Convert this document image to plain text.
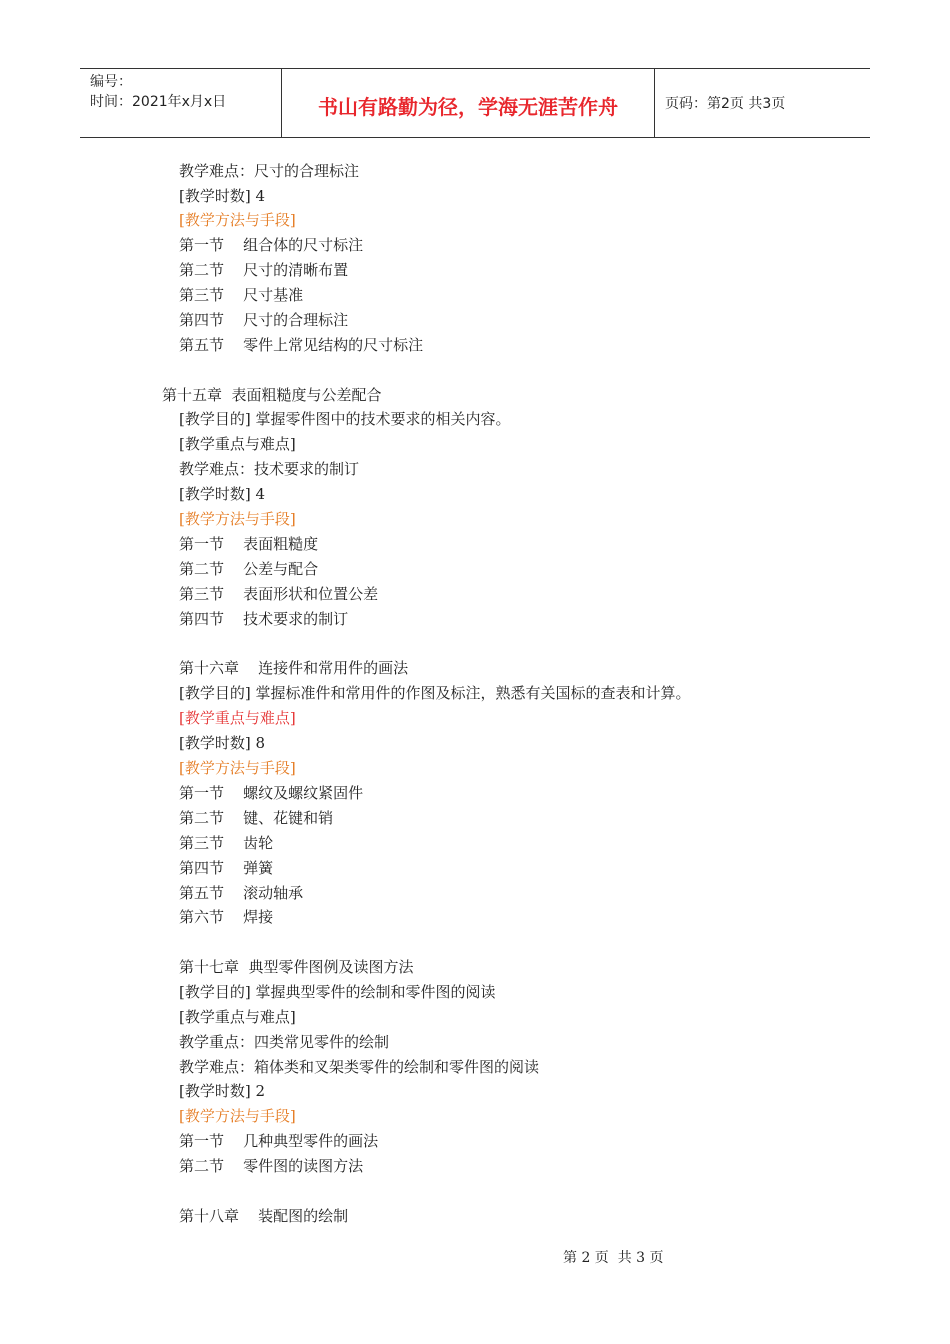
编号：
时间：2021年x月x日	书山有路勤为径，学海无涯苦作舟	页码：第2页 共3页
教学难点：尺寸的合理标注
[教学时数] 4
[教学方法与手段]
第一节    组合体的尺寸标注
第二节    尺寸的清晰布置
第三节    尺寸基准
第四节    尺寸的合理标注
第五节    零件上常见结构的尺寸标注
第十五章  表面粗糙度与公差配合
[教学目的] 掌握零件图中的技术要求的相关内容。
[教学重点与难点]
教学难点：技术要求的制订
[教学时数] 4
[教学方法与手段]
第一节    表面粗糙度
第二节    公差与配合
第三节    表面形状和位置公差
第四节    技术要求的制订
第十六章    连接件和常用件的画法
[教学目的] 掌握标准件和常用件的作图及标注，熟悉有关国标的查表和计算。
[教学重点与难点]
[教学时数] 8
[教学方法与手段]
第一节    螺纹及螺纹紧固件
第二节    键、花键和销
第三节    齿轮
第四节    弹簧
第五节    滚动轴承
第六节    焊接
第十七章  典型零件图例及读图方法
[教学目的] 掌握典型零件的绘制和零件图的阅读
[教学重点与难点]
教学重点：四类常见零件的绘制
教学难点：箱体类和叉架类零件的绘制和零件图的阅读
[教学时数] 2
[教学方法与手段]
第一节    几种典型零件的画法
第二节    零件图的读图方法
第十八章    装配图的绘制
第 2 页  共 3 页
